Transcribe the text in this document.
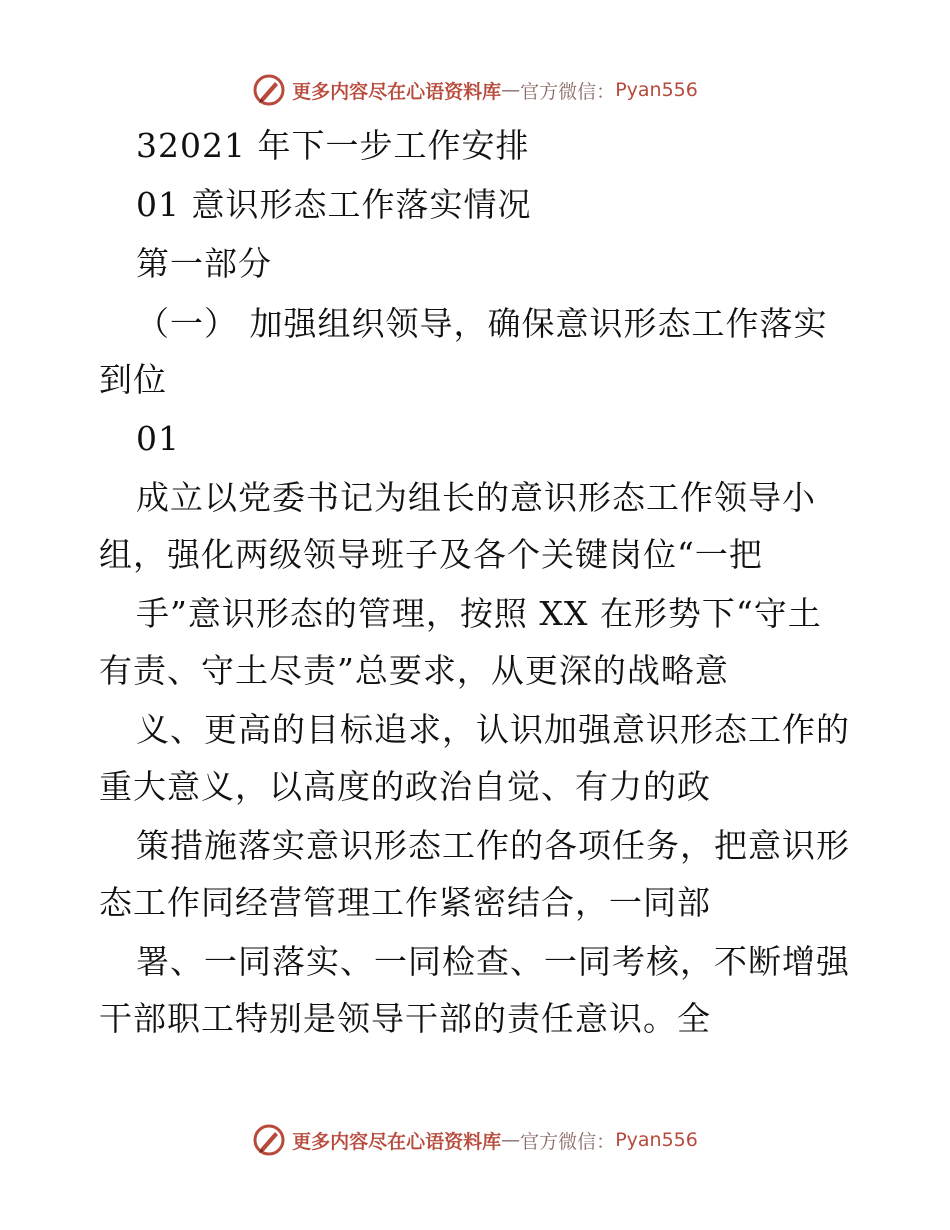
更多内容尽在心语资料库 — 官方微信： Pyan556
32021 年下一步工作安排
01 意识形态工作落实情况
第一部分
（一） 加强组织领导，确保意识形态工作落实
到位
01
成立以党委书记为组长的意识形态工作领导小
组，强化两级领导班子及各个关键岗位“一把
手”意识形态的管理，按照 XX 在形势下“守土
有责、守土尽责”总要求，从更深的战略意
义、更高的目标追求，认识加强意识形态工作的
重大意义，以高度的政治自觉、有力的政
策措施落实意识形态工作的各项任务，把意识形
态工作同经营管理工作紧密结合，一同部
署、一同落实、一同检查、一同考核，不断增强
干部职工特别是领导干部的责任意识。全
更多内容尽在心语资料库 — 官方微信： Pyan556
